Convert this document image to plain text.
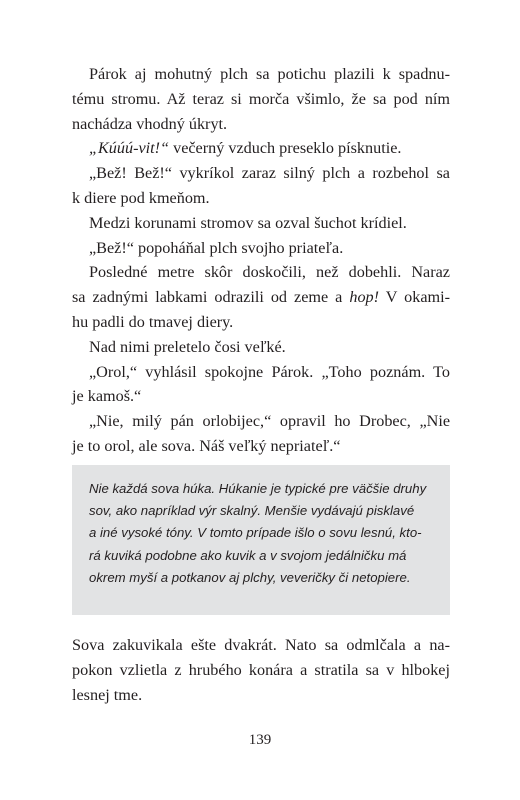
Párok aj mohutný plch sa potichu plazili k spadnu-
tému stromu. Až teraz si morča všimlo, že sa pod ním
nachádza vhodný úkryt.
„Kúúú-vit!“ večerný vzduch preseklo písknutie.
„Bež! Bež!“ vykríkol zaraz silný plch a rozbehol sa
k diere pod kmeňom.
Medzi korunami stromov sa ozval šuchot krídiel.
„Bež!“ popoháňal plch svojho priateľa.
Posledné metre skôr doskočili, než dobehli. Naraz
sa zadnými labkami odrazili od zeme a hop! V okami-
hu padli do tmavej diery.
Nad nimi preletelo čosi veľké.
„Orol,“ vyhlásil spokojne Párok. „Toho poznám. To
je kamoš.“
„Nie, milý pán orlobijec,“ opravil ho Drobec, „Nie
je to orol, ale sova. Náš veľký nepriateľ.“
Nie každá sova húka. Húkanie je typické pre väčšie druhy
sov, ako napríklad výr skalný. Menšie vydávajú pisklavé
a iné vysoké tóny. V tomto prípade išlo o sovu lesnú, kto-
rá kuviká podobne ako kuvik a v svojom jedálničku má
okrem myší a potkanov aj plchy, veveričky či netopiere.
Sova zakuvikala ešte dvakrát. Nato sa odmlčala a na-
pokon vzlietla z hrubého konára a stratila sa v hlbokej
lesnej tme.
139
